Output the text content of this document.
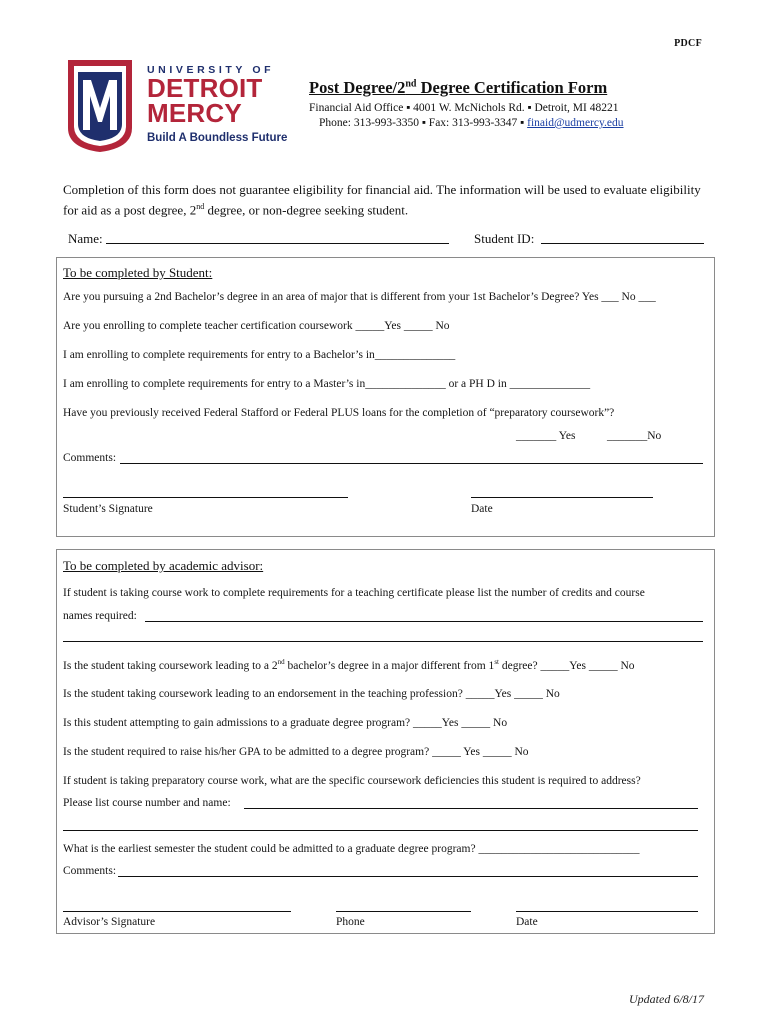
PDCF
UNIVERSITY OF
DETROIT
MERCY
Build A Boundless Future
Post Degree/2nd Degree Certification Form
Financial Aid Office ▪ 4001 W. McNichols Rd. ▪ Detroit, MI 48221
Phone: 313-993-3350 ▪ Fax: 313-993-3347 ▪ finaid@udmercy.edu
Completion of this form does not guarantee eligibility for financial aid. The information will be used to evaluate eligibility for aid as a post degree, 2nd degree, or non-degree seeking student.
Name:	Student ID:
To be completed by Student:
Are you pursuing a 2nd Bachelor’s degree in an area of major that is different from your 1st Bachelor’s Degree? Yes ___ No ___
Are you enrolling to complete teacher certification coursework _____Yes _____ No
I am enrolling to complete requirements for entry to a Bachelor’s in______________
I am enrolling to complete requirements for entry to a Master’s in______________ or a PH D in ______________
Have you previously received Federal Stafford or Federal PLUS loans for the completion of “preparatory coursework”?
_______ Yes	_______No
Comments:
Student’s Signature	Date
To be completed by academic advisor:
If student is taking course work to complete requirements for a teaching certificate please list the number of credits and course
names required:
Is the student taking coursework leading to a 2nd bachelor’s degree in a major different from 1st degree? _____Yes _____ No
Is the student taking coursework leading to an endorsement in the teaching profession? _____Yes _____ No
Is this student attempting to gain admissions to a graduate degree program? _____Yes _____ No
Is the student required to raise his/her GPA to be admitted to a degree program? _____ Yes _____ No
If student is taking preparatory course work, what are the specific coursework deficiencies this student is required to address?
Please list course number and name:
What is the earliest semester the student could be admitted to a graduate degree program? ____________________________
Comments:
Advisor’s Signature	Phone	Date
Updated 6/8/17
